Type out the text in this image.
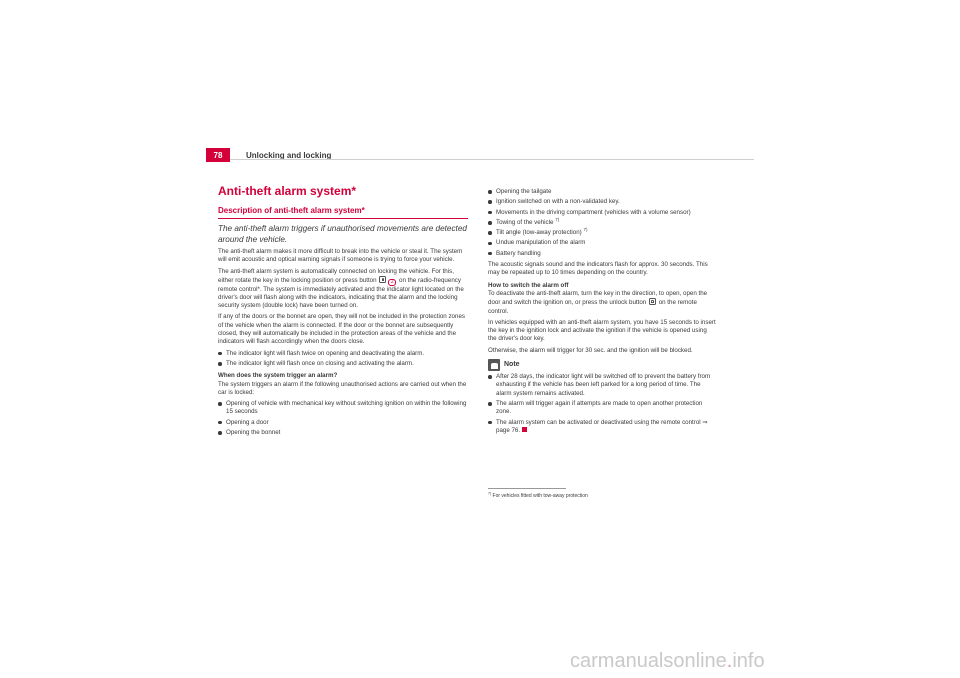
78	Unlocking and locking
Anti-theft alarm system*
Description of anti-theft alarm system*

The anti-theft alarm triggers if unauthorised movements are detected around the vehicle.

The anti-theft alarm makes it more difficult to break into the vehicle or steal it. The system will emit acoustic and optical warning signals if someone is trying to force your vehicle.

The anti-theft alarm system is automatically connected on locking the vehicle. For this, either rotate the key in the locking position or press button	2 on the radio-frequency remote control*. The system is immediately activated and the indicator light located on the driver's door will flash along with the indicators, indicating that the alarm and the locking security system (double lock) have been turned on.

If any of the doors or the bonnet are open, they will not be included in the protection zones of the vehicle when the alarm is connected. If the door or the bonnet are subsequently closed, they will automatically be included in the protection areas of the vehicle and the indicators will flash accordingly when the doors close.

The indicator light will flash twice on opening and deactivating the alarm.
The indicator light will flash once on closing and activating the alarm.

When does the system trigger an alarm?

The system triggers an alarm if the following unauthorised actions are carried out when the car is locked:

Opening of vehicle with mechanical key without switching ignition on within the following 15 seconds
Opening a door
Opening the bonnet
Opening the tailgate
Ignition switched on with a non-validated key.
Movements in the driving compartment (vehicles with a volume sensor)
Towing of the vehicle $^{7)}$
Tilt angle (tow-away protection) $^{7)}$
Undue manipulation of the alarm
Battery handling

The acoustic signals sound and the indicators flash for approx. 30 seconds. This may be repeated up to 10 times depending on the country.

How to switch the alarm off

To deactivate the anti-theft alarm, turn the key in the direction, to open, open the door and switch the ignition on, or press the unlock button on the remote control.

In vehicles equipped with an anti-theft alarm system, you have 15 seconds to insert the key in the ignition lock and activate the ignition if the vehicle is opened using the driver's door key.

Otherwise, the alarm will trigger for 30 sec. and the ignition will be blocked.

Note
After 28 days, the indicator light will be switched off to prevent the battery from exhausting if the vehicle has been left parked for a long period of time. The alarm system remains activated.
The alarm will trigger again if attempts are made to open another protection zone.
The alarm system can be activated or deactivated using the remote control ⇒ page 76.
$^{7)}$ For vehicles fitted with tow-away protection
carmanualsonline.info
